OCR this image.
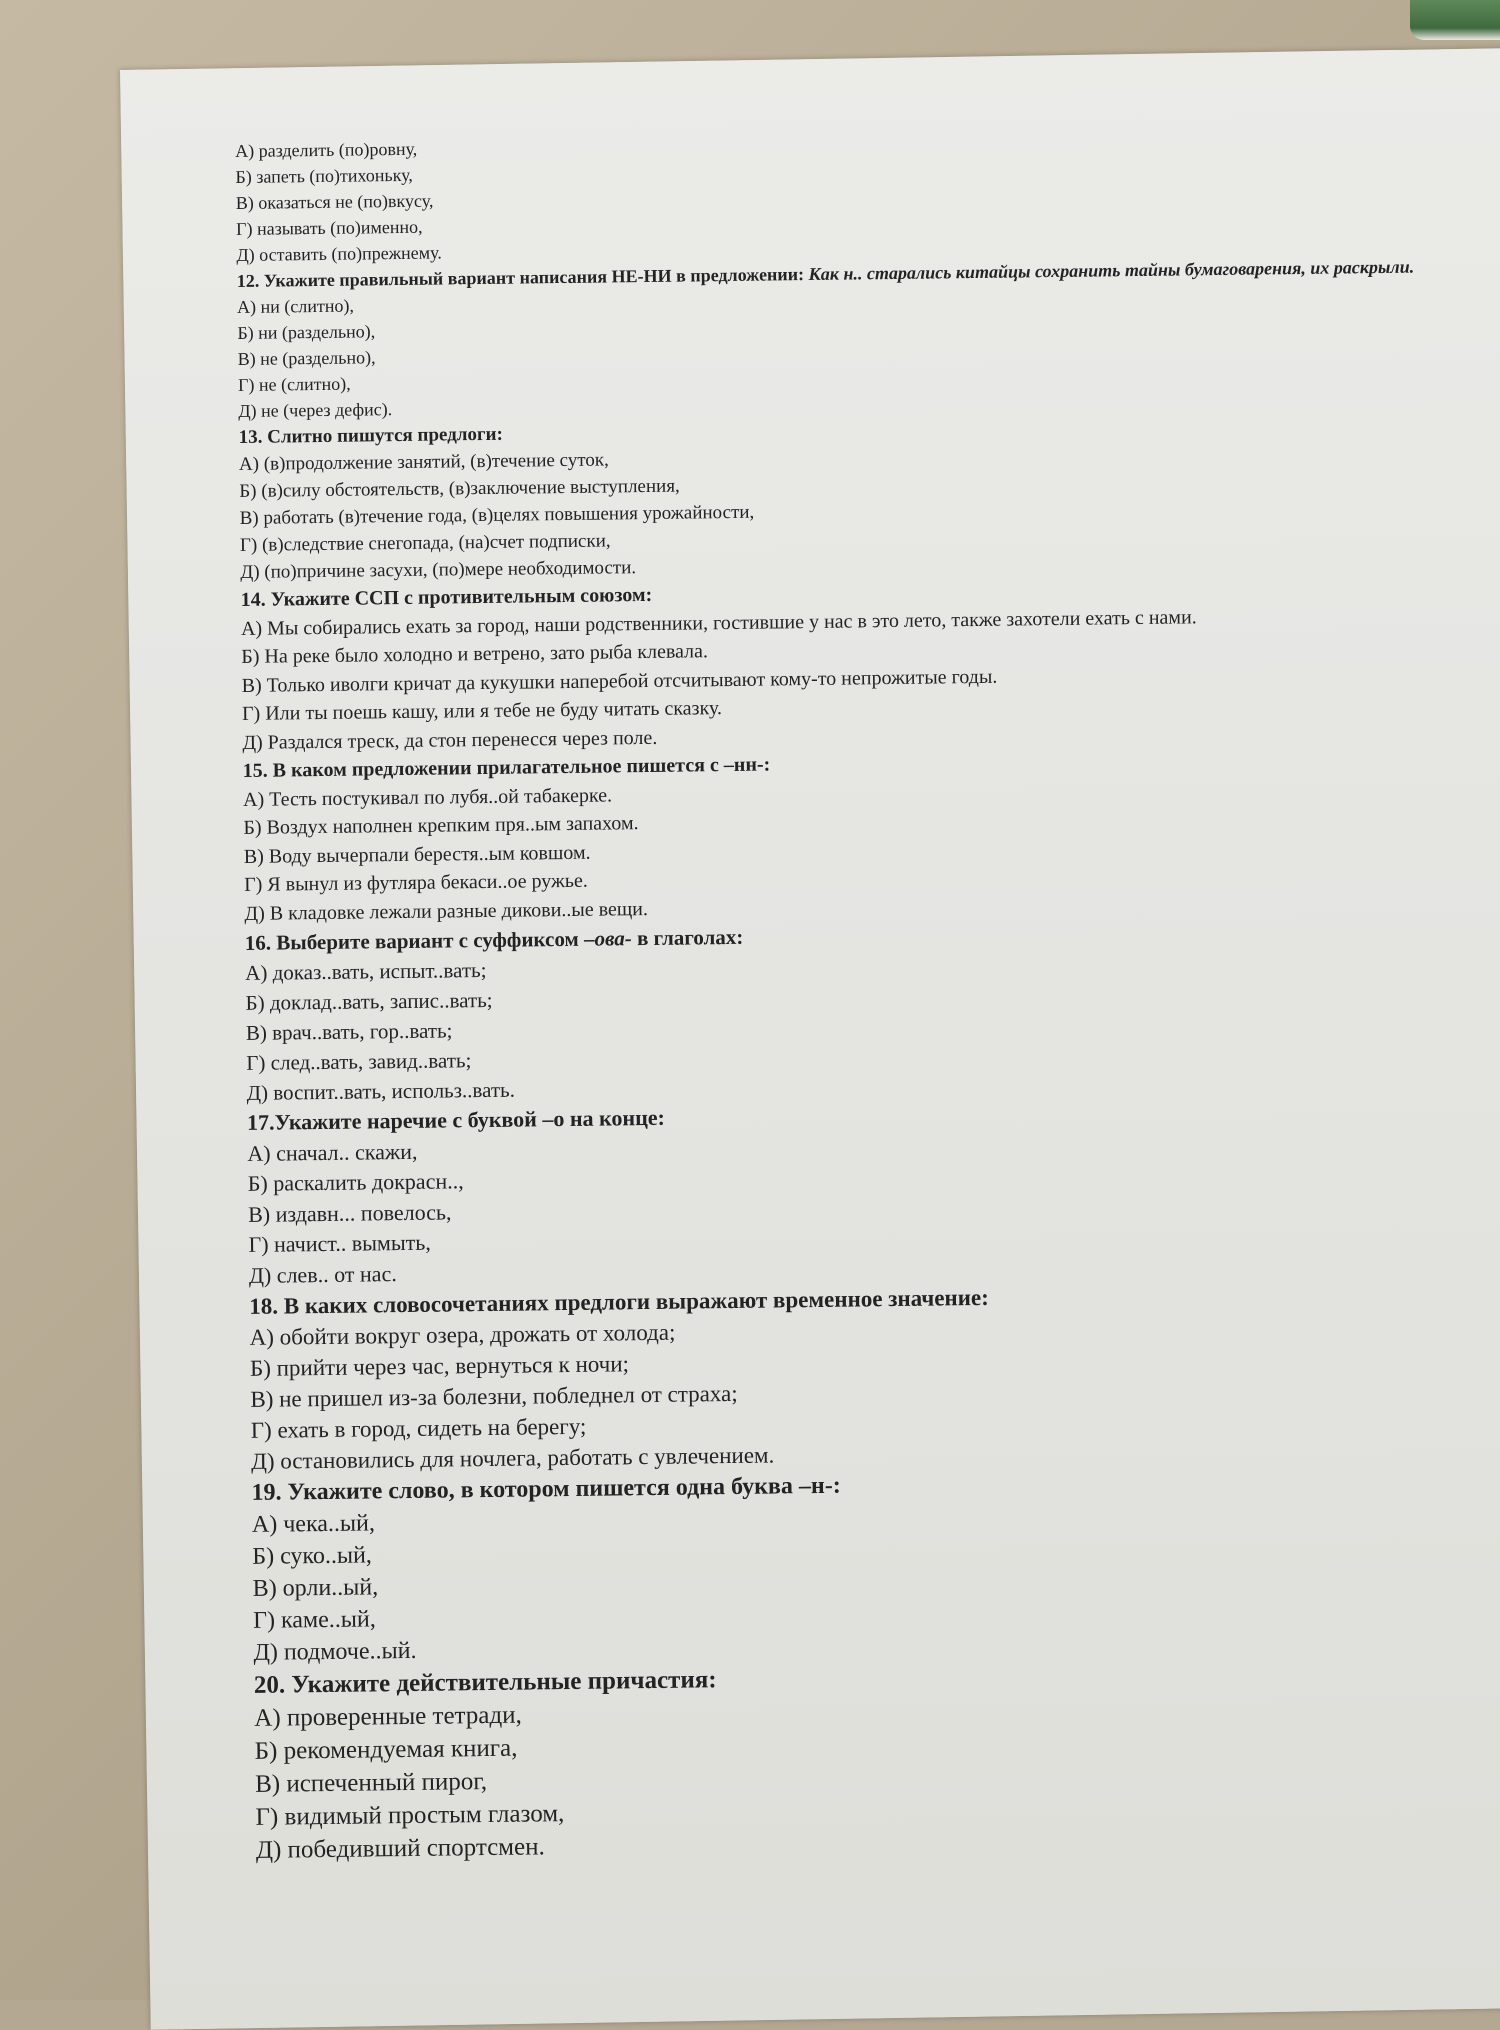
А) разделить (по)ровну,

Б) запеть (по)тихоньку,

В) оказаться не (по)вкусу,

Г) называть (по)именно,

Д) оставить (по)прежнему.

12. Укажите правильный вариант написания НЕ-НИ в предложении: Как н.. старались китайцы сохранить тайны бумаговарения, их раскрыли.

А) ни (слитно),

Б) ни (раздельно),

В) не (раздельно),

Г) не (слитно),

Д) не (через дефис).

13. Слитно пишутся предлоги:

А) (в)продолжение занятий, (в)течение суток,

Б) (в)силу обстоятельств, (в)заключение выступления,

В) работать (в)течение года, (в)целях повышения урожайности,

Г) (в)следствие снегопада, (на)счет подписки,

Д) (по)причине засухи, (по)мере необходимости.

14. Укажите ССП с противительным союзом:

А) Мы собирались ехать за город, наши родственники, гостившие у нас в это лето, также захотели ехать с нами.

Б) На реке было холодно и ветрено, зато рыба клевала.

В) Только иволги кричат да кукушки наперебой отсчитывают кому-то непрожитые годы.

Г) Или ты поешь кашу, или я тебе не буду читать сказку.

Д) Раздался треск, да стон перенесся через поле.

15. В каком предложении прилагательное пишется с –нн-:

А) Тесть постукивал по лубя..ой табакерке.

Б) Воздух наполнен крепким пря..ым запахом.

В) Воду вычерпали берестя..ым ковшом.

Г) Я вынул из футляра бекаси..ое ружье.

Д) В кладовке лежали разные дикови..ые вещи.

16. Выберите вариант с суффиксом –ова- в глаголах:

А) доказ..вать, испыт..вать;

Б) доклад..вать, запис..вать;

В) врач..вать, гор..вать;

Г) след..вать, завид..вать;

Д) воспит..вать, использ..вать.

17.Укажите наречие с буквой –о на конце:

А) сначал.. скажи,

Б) раскалить докрасн..,

В) издавн... повелось,

Г) начист.. вымыть,

Д) слев.. от нас.

18. В каких словосочетаниях предлоги выражают временное значение:

А) обойти вокруг озера, дрожать от холода;

Б) прийти через час, вернуться к ночи;

В) не пришел из-за болезни, побледнел от страха;

Г) ехать в город, сидеть на берегу;

Д) остановились для ночлега, работать с увлечением.

19. Укажите слово, в котором пишется одна буква –н-:

А) чека..ый,

Б) суко..ый,

В) орли..ый,

Г) каме..ый,

Д) подмоче..ый.

20. Укажите действительные причастия:

А) проверенные тетради,

Б) рекомендуемая книга,

В) испеченный пирог,

Г) видимый простым глазом,

Д) победивший спортсмен.
